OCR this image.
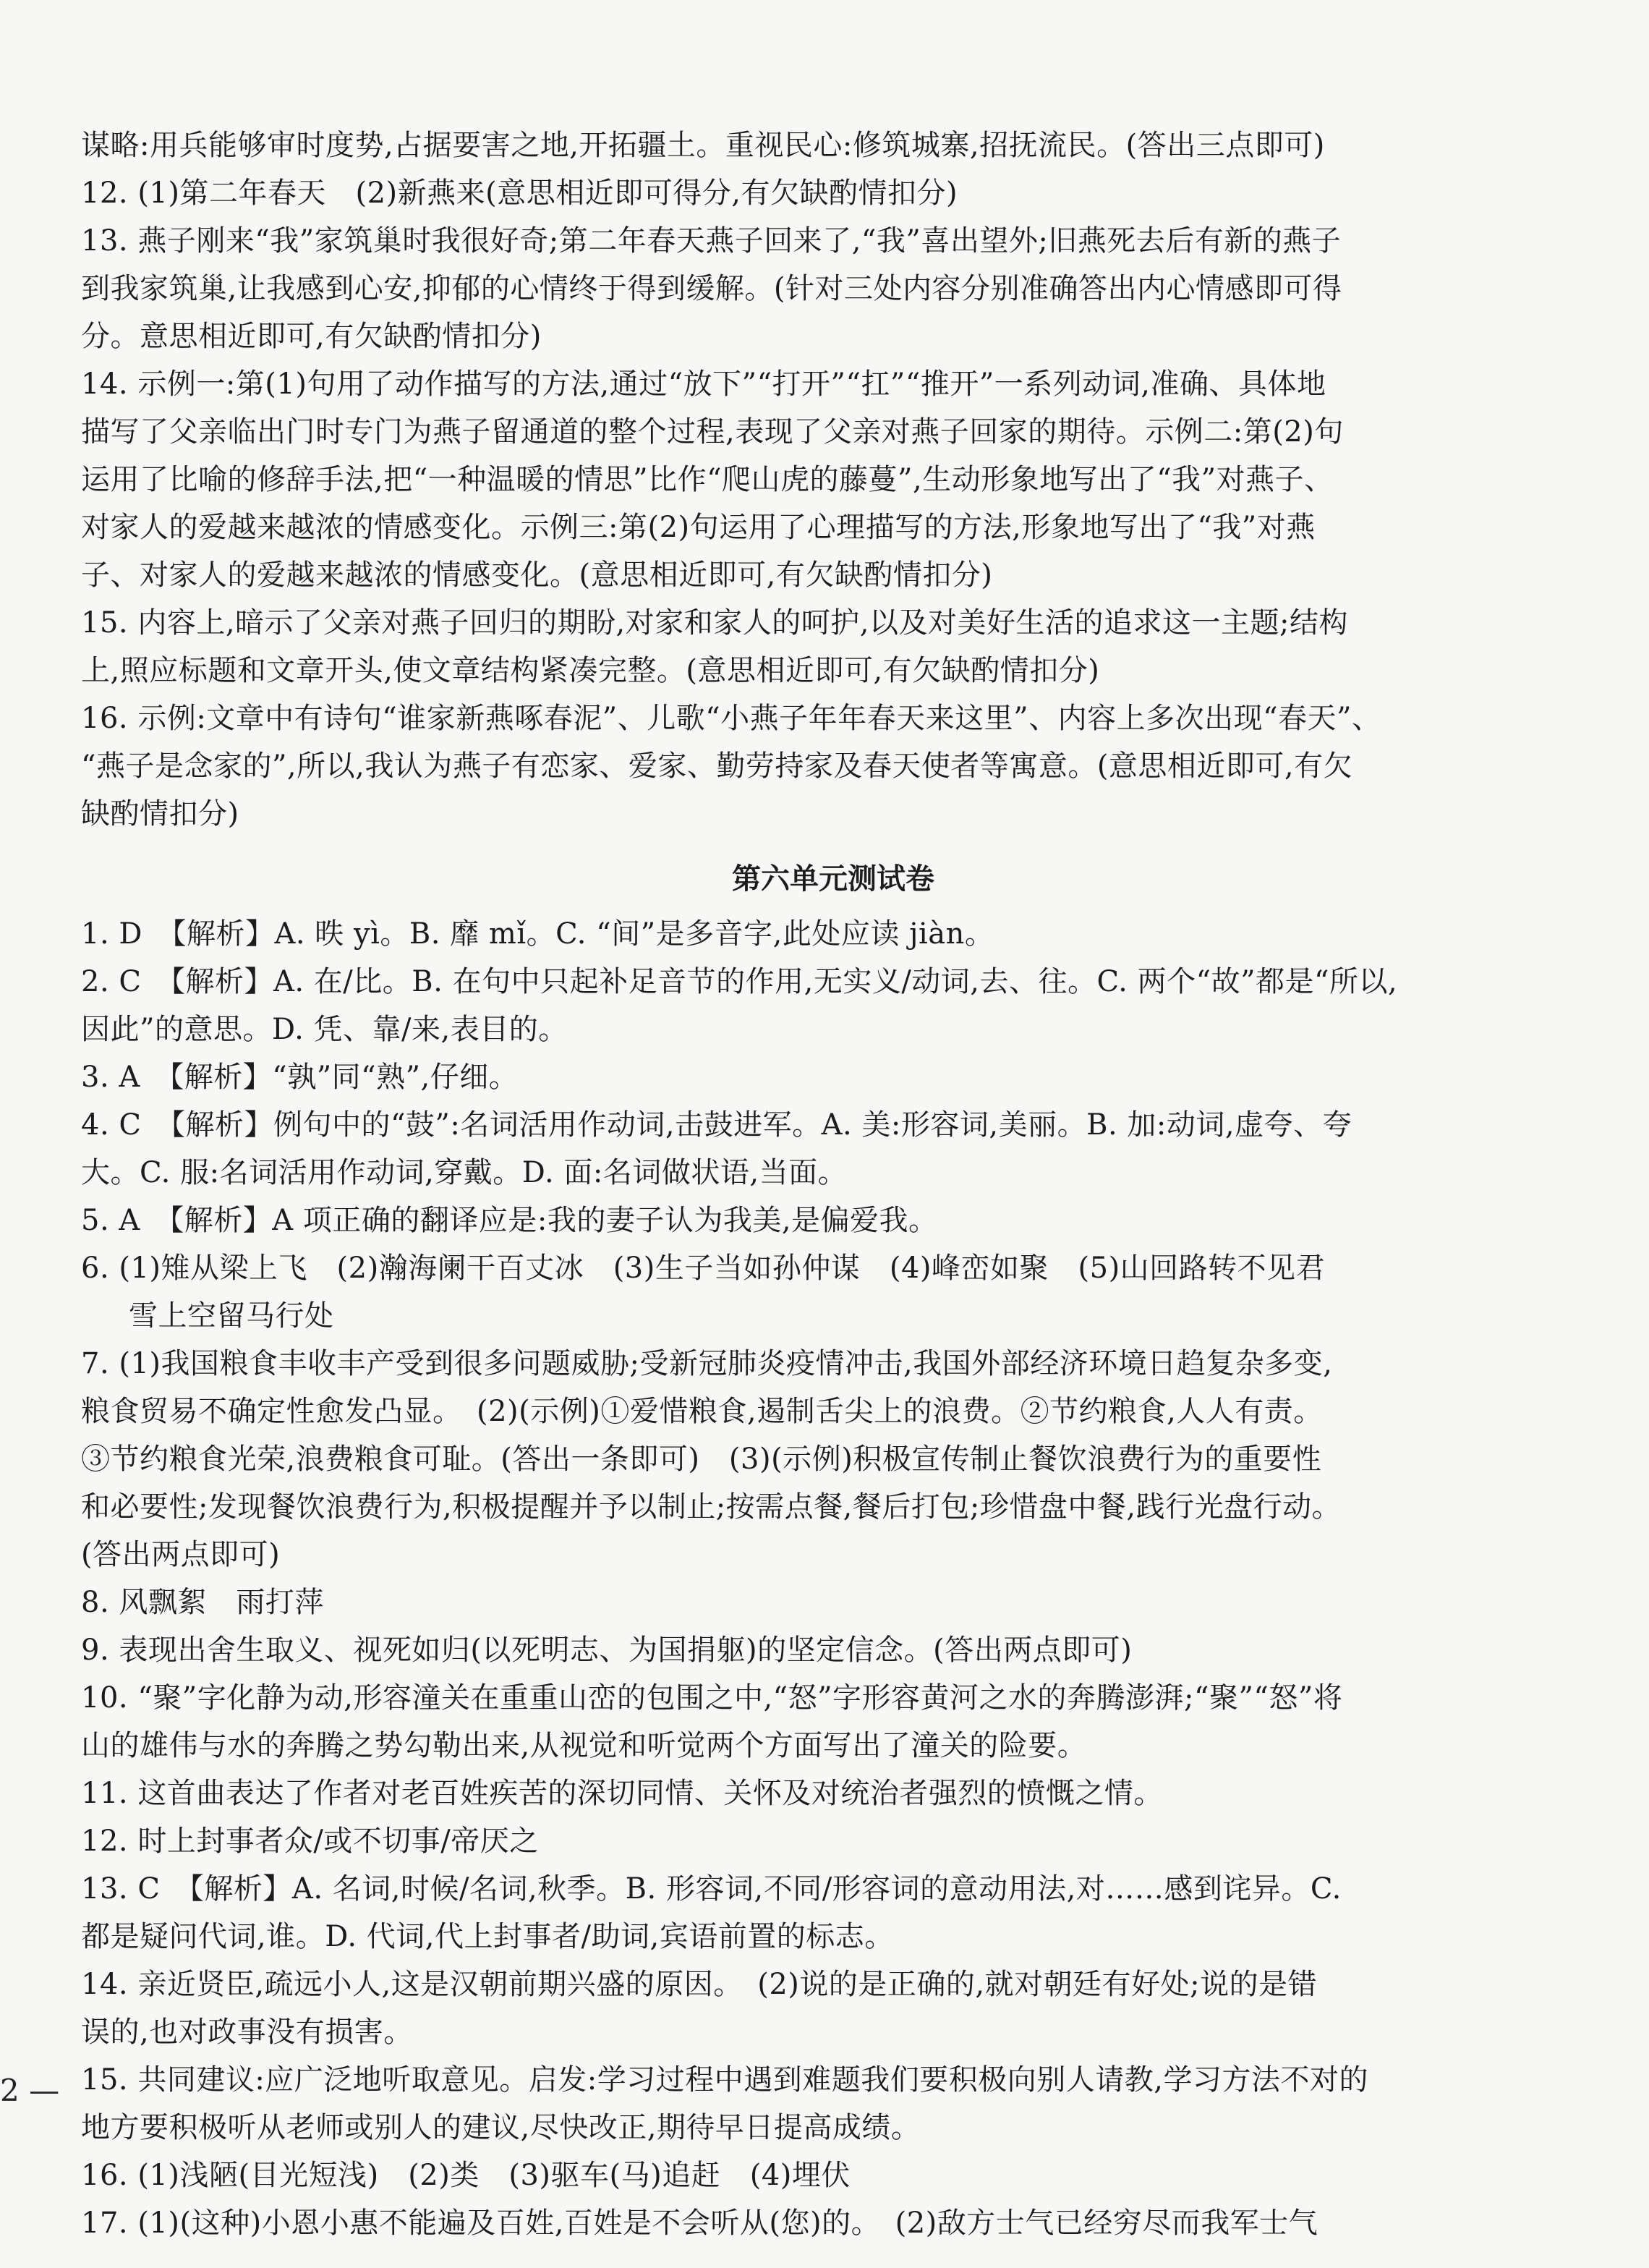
谋略:用兵能够审时度势,占据要害之地,开拓疆土。重视民心:修筑城寨,招抚流民。(答出三点即可)
12. (1)第二年春天　(2)新燕来(意思相近即可得分,有欠缺酌情扣分)
13. 燕子刚来“我”家筑巢时我很好奇;第二年春天燕子回来了,“我”喜出望外;旧燕死去后有新的燕子
到我家筑巢,让我感到心安,抑郁的心情终于得到缓解。(针对三处内容分别准确答出内心情感即可得
分。意思相近即可,有欠缺酌情扣分)
14. 示例一:第(1)句用了动作描写的方法,通过“放下”“打开”“扛”“推开”一系列动词,准确、具体地
描写了父亲临出门时专门为燕子留通道的整个过程,表现了父亲对燕子回家的期待。示例二:第(2)句
运用了比喻的修辞手法,把“一种温暖的情思”比作“爬山虎的藤蔓”,生动形象地写出了“我”对燕子、
对家人的爱越来越浓的情感变化。示例三:第(2)句运用了心理描写的方法,形象地写出了“我”对燕
子、对家人的爱越来越浓的情感变化。(意思相近即可,有欠缺酌情扣分)
15. 内容上,暗示了父亲对燕子回归的期盼,对家和家人的呵护,以及对美好生活的追求这一主题;结构
上,照应标题和文章开头,使文章结构紧凑完整。(意思相近即可,有欠缺酌情扣分)
16. 示例:文章中有诗句“谁家新燕啄春泥”、儿歌“小燕子年年春天来这里”、内容上多次出现“春天”、
“燕子是念家的”,所以,我认为燕子有恋家、爱家、勤劳持家及春天使者等寓意。(意思相近即可,有欠
缺酌情扣分)
第六单元测试卷
1. D　【解析】A. 昳 yì。B. 靡 mǐ。C. “间”是多音字,此处应读 jiàn。
2. C　【解析】A. 在/比。B. 在句中只起补足音节的作用,无实义/动词,去、往。C. 两个“故”都是“所以,
因此”的意思。D. 凭、靠/来,表目的。
3. A　【解析】“孰”同“熟”,仔细。
4. C　【解析】例句中的“鼓”:名词活用作动词,击鼓进军。A. 美:形容词,美丽。B. 加:动词,虚夸、夸
大。C. 服:名词活用作动词,穿戴。D. 面:名词做状语,当面。
5. A　【解析】A 项正确的翻译应是:我的妻子认为我美,是偏爱我。
6. (1)雉从梁上飞　(2)瀚海阑干百丈冰　(3)生子当如孙仲谋　(4)峰峦如聚　(5)山回路转不见君
雪上空留马行处
7. (1)我国粮食丰收丰产受到很多问题威胁;受新冠肺炎疫情冲击,我国外部经济环境日趋复杂多变,
粮食贸易不确定性愈发凸显。　(2)(示例)①爱惜粮食,遏制舌尖上的浪费。②节约粮食,人人有责。
③节约粮食光荣,浪费粮食可耻。(答出一条即可)　(3)(示例)积极宣传制止餐饮浪费行为的重要性
和必要性;发现餐饮浪费行为,积极提醒并予以制止;按需点餐,餐后打包;珍惜盘中餐,践行光盘行动。
(答出两点即可)
8. 风飘絮　雨打萍
9. 表现出舍生取义、视死如归(以死明志、为国捐躯)的坚定信念。(答出两点即可)
10. “聚”字化静为动,形容潼关在重重山峦的包围之中,“怒”字形容黄河之水的奔腾澎湃;“聚”“怒”将
山的雄伟与水的奔腾之势勾勒出来,从视觉和听觉两个方面写出了潼关的险要。
11. 这首曲表达了作者对老百姓疾苦的深切同情、关怀及对统治者强烈的愤慨之情。
12. 时上封事者众/或不切事/帝厌之
13. C　【解析】A. 名词,时候/名词,秋季。B. 形容词,不同/形容词的意动用法,对……感到诧异。C.
都是疑问代词,谁。D. 代词,代上封事者/助词,宾语前置的标志。
14. 亲近贤臣,疏远小人,这是汉朝前期兴盛的原因。　(2)说的是正确的,就对朝廷有好处;说的是错
误的,也对政事没有损害。
15. 共同建议:应广泛地听取意见。启发:学习过程中遇到难题我们要积极向别人请教,学习方法不对的
地方要积极听从老师或别人的建议,尽快改正,期待早日提高成绩。
16. (1)浅陋(目光短浅)　(2)类　(3)驱车(马)追赶　(4)埋伏
17. (1)(这种)小恩小惠不能遍及百姓,百姓是不会听从(您)的。　(2)敌方士气已经穷尽而我军士气
2 —
